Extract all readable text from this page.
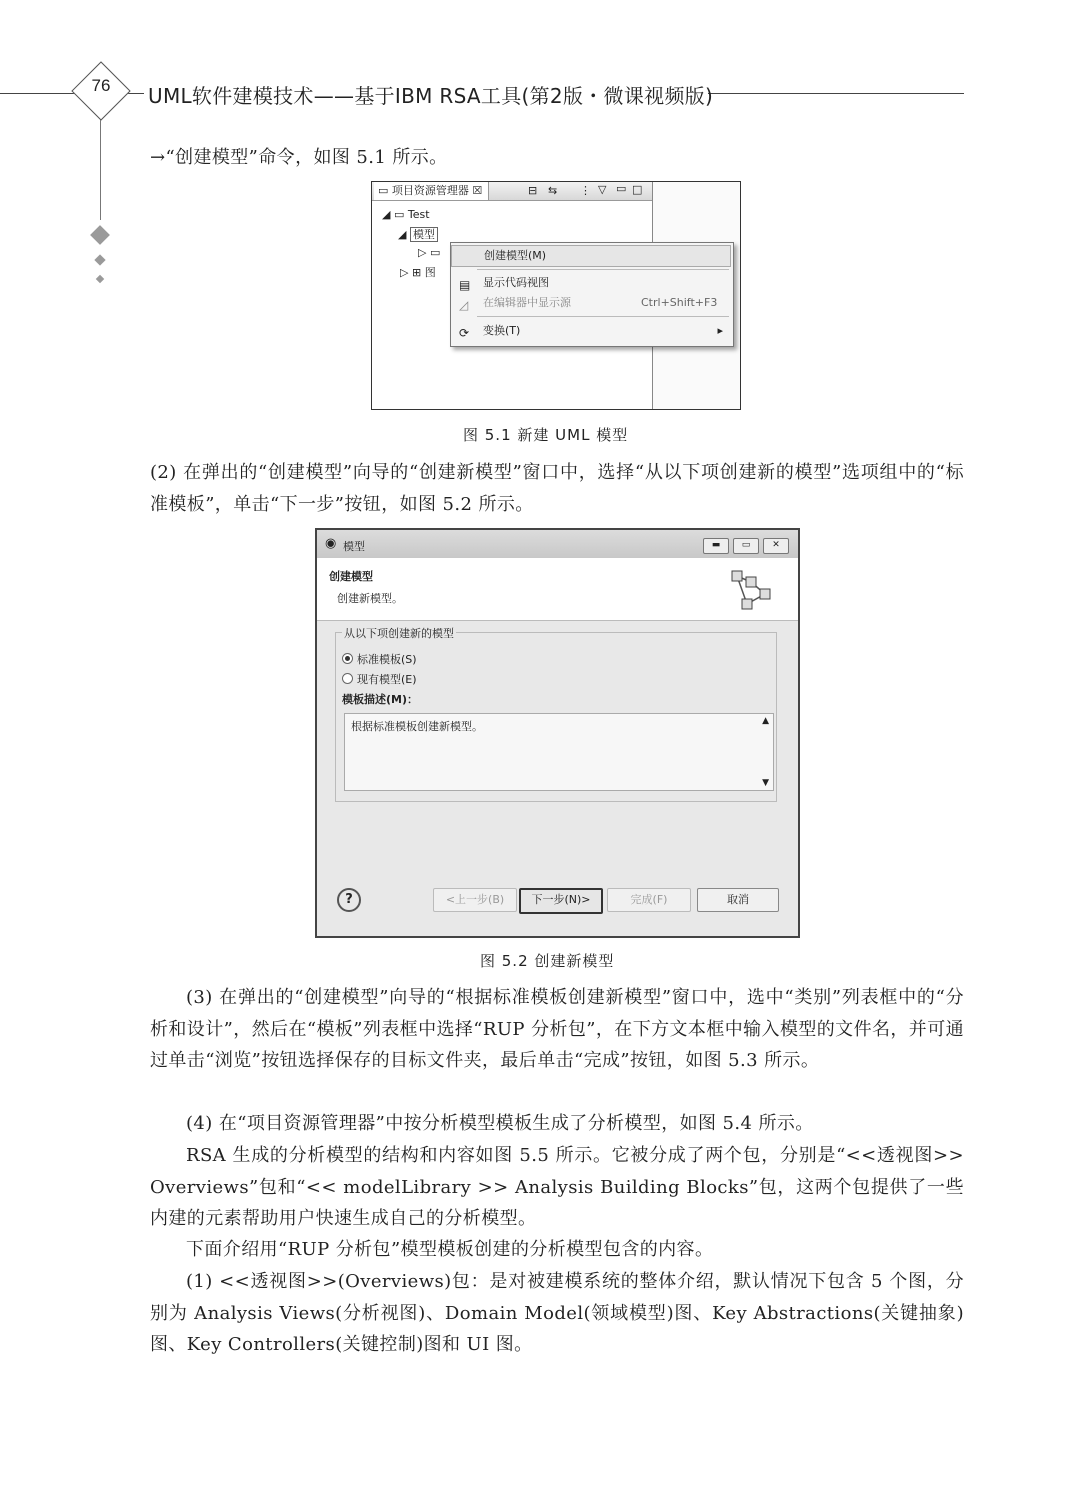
76	UML软件建模技术——基于IBM RSA工具(第2版・微课视频版)

→“创建模型”命令，如图 5.1 所示。

▭ 项目资源管理器 ☒	⊟ ⇆ ⋮ ▽ ▭ □
◢ ▭ Test
◢ 模型
▷ ▭
▷ ⊞ 图
创建模型(M)
▤ 显示代码视图
◿ 在编辑器中显示源	Ctrl+Shift+F3
⟳ 变换(T)	▸
图 5.1 新建 UML 模型

(2) 在弹出的“创建模型”向导的“创建新模型”窗口中，选择“从以下项创建新的模型”选项组中的“标准模板”，单击“下一步”按钮，如图 5.2 所示。

◉ 模型	▬	▭	✕
创建模型
创建新模型。
从以下项创建新的模型
标准模板(S)
现有模型(E)
模板描述(M)：
根据标准模板创建新模型。	▲
▼
?	<上一步(B)	下一步(N)>	完成(F)	取消
图 5.2 创建新模型

(3) 在弹出的“创建模型”向导的“根据标准模板创建新模型”窗口中，选中“类别”列表框中的“分析和设计”，然后在“模板”列表框中选择“RUP 分析包”，在下方文本框中输入模型的文件名，并可通过单击“浏览”按钮选择保存的目标文件夹，最后单击“完成”按钮，如图 5.3 所示。

(4) 在“项目资源管理器”中按分析模型模板生成了分析模型，如图 5.4 所示。

RSA 生成的分析模型的结构和内容如图 5.5 所示。它被分成了两个包，分别是“<<透视图>> Overviews”包和“<< modelLibrary >> Analysis Building Blocks”包，这两个包提供了一些内建的元素帮助用户快速生成自己的分析模型。

下面介绍用“RUP 分析包”模型模板创建的分析模型包含的内容。

(1) <<透视图>>(Overviews)包：是对被建模系统的整体介绍，默认情况下包含 5 个图，分别为 Analysis Views(分析视图)、Domain Model(领域模型)图、Key Abstractions(关键抽象)图、Key Controllers(关键控制)图和 UI 图。
